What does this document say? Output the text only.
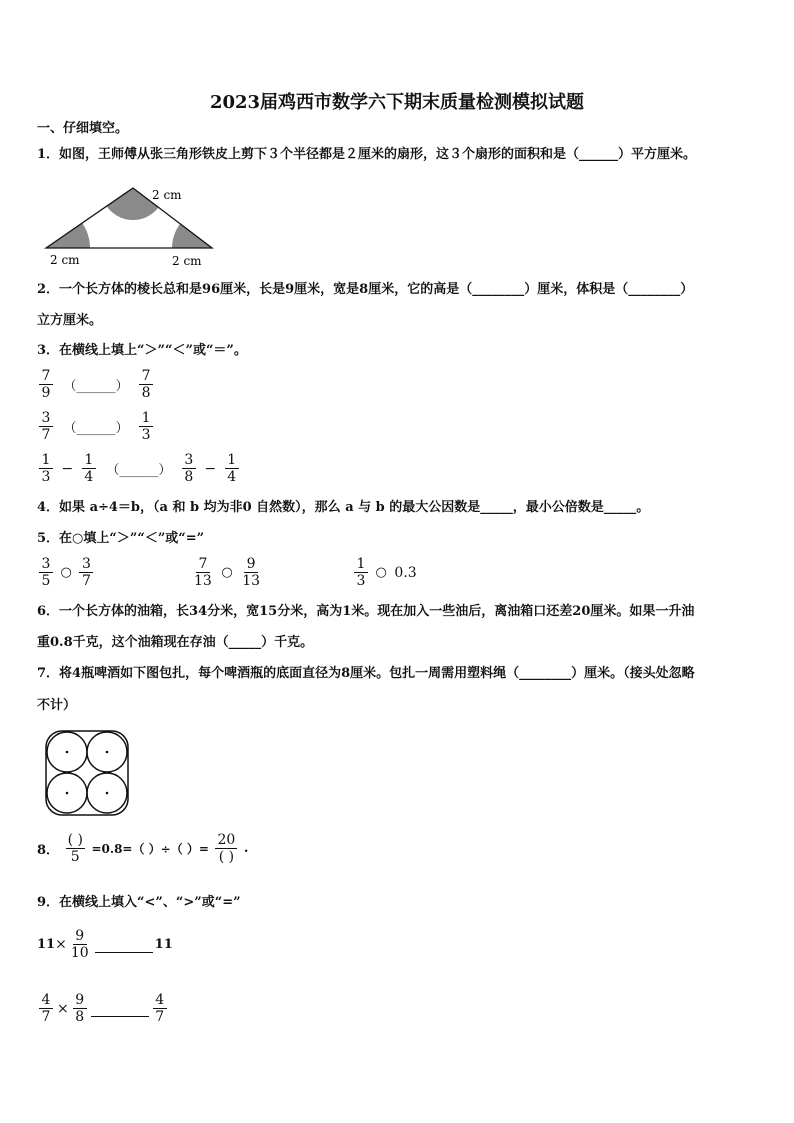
2023届鸡西市数学六下期末质量检测模拟试题
一、仔细填空。
1．如图，王师傅从张三角形铁皮上剪下３个半径都是２厘米的扇形，这３个扇形的面积和是（______）平方厘米。
2 cm
2 cm	2 cm
2．一个长方体的棱长总和是96厘米，长是9厘米，宽是8厘米，它的高是（________）厘米，体积是（________）
立方厘米。
3．在横线上填上“＞”“＜”或“＝”。
$\frac{7}{9}$ （______） $\frac{7}{8}$
$\frac{3}{7}$ （______） $\frac{1}{3}$
$\frac{1}{3} - \frac{1}{4}$ （______） $\frac{3}{8} - \frac{1}{4}$
4．如果 a÷4＝b，（a 和 b 均为非0 自然数），那么 a 与 b 的最大公因数是_____，最小公倍数是_____。
5．在○填上“＞”“＜”或“=”
$\frac{3}{5}$ ○ $\frac{3}{7}$	$\frac{7}{13}$ ○ $\frac{9}{13}$	$\frac{1}{3}$ ○ 0.3
6．一个长方体的油箱，长34分米，宽15分米，高为1米。现在加入一些油后，离油箱口还差20厘米。如果一升油
重0.8千克，这个油箱现在存油（_____）千克。
7．将4瓶啤酒如下图包扎，每个啤酒瓶的底面直径为8厘米。包扎一周需用塑料绳（________）厘米。（接头处忽略
不计）
8． $\frac{( )}{5} =0.8=$（ ）÷（ ）= $\frac{20}{( )}$ .
9．在横线上填入“<”、“>”或“=”
$11\times \frac{9}{10}$	11
$\frac{4}{7} \times \frac{9}{8}$	$\frac{4}{7}$
